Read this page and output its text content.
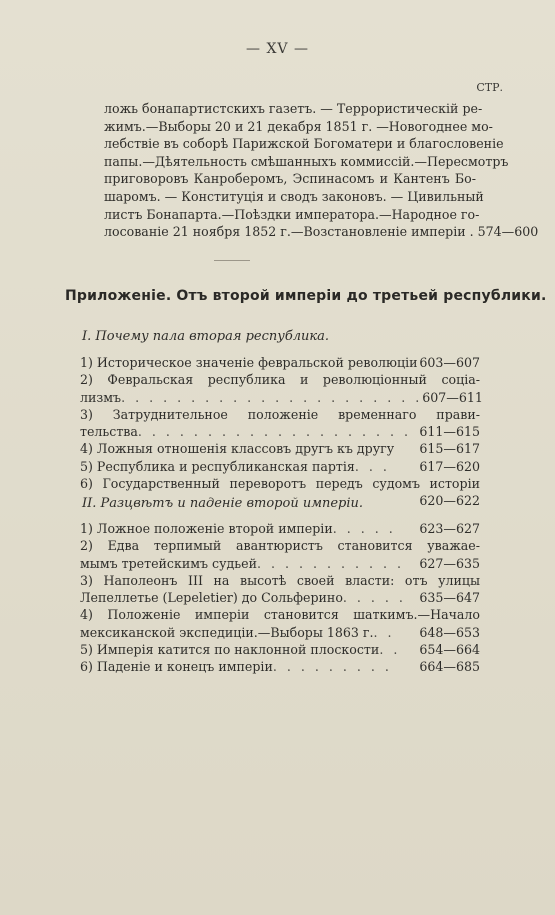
— XV —
СТР.
ложь бонапартистскихъ газетъ. — Террористическій ре-
жимъ.—Выборы 20 и 21 декабря 1851 г. —Новогоднее мо-
лебствіе въ соборѣ Парижской Богоматери и благословеніе
папы.—Дѣятельность смѣшанныхъ коммиссій.—Пересмотръ
приговоровъ Канроберомъ, Эспинасомъ и Кантенъ Бо-
шаромъ. — Конституція и сводъ законовъ. — Цивильный
листъ Бонапарта.—Поѣздки императора.—Народное го-
лосованіе 21 ноября 1852 г.—Возстановленіе имперіи . 574—600
Приложеніе. Отъ второй имперіи до третьей республики.
I. Почему пала вторая республика.
1) Историческое значеніе февральской революціи 603—607
2) Февральская республика и революціонный соціа-
лизмъ . . . . . . . . . . . . . . . . . . . . . . 607—611
3) Затруднительное положеніе временнаго прави-
тельства . . . . . . . . . . . . . . . . . . . . 611—615
4) Ложныя отношенія классовъ другъ къ другу 615—617
5) Республика и республиканская партія . . .	617—620
6) Государственный переворотъ передъ судомъ исторіи
620—622
II. Разцвѣтъ и паденіе второй имперіи.
1) Ложное положеніе второй имперіи . . . . .	623—627
2) Едва терпимый авантюристъ становится уважае-
мымъ третейскимъ судьей . . . . . . . . . . .	627—635
3) Наполеонъ III на высотѣ своей власти: отъ улицы
Лепеллетье (Lepeletier) до Сольферино . . . . .	635—647
4) Положеніе имперіи становится шаткимъ.—Начало
мексиканской экспедиціи.—Выборы 1863 г. . .	648—653
5) Имперія катится по наклонной плоскости . .	654—664
6) Паденіе и конецъ имперіи . . . . . . . . .	664—685
